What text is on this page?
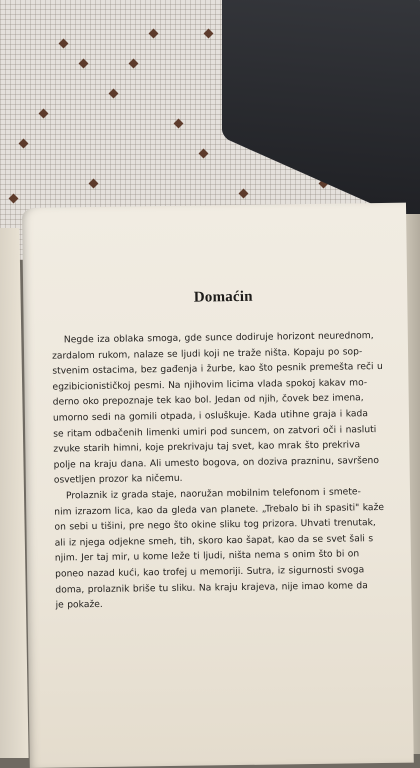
Domaćin

Negde iza oblaka smoga, gde sunce dodiruje horizont neurednom,
zardalom rukom, nalaze se ljudi koji ne traže ništa. Kopaju po sop-
stvenim ostacima, bez gađenja i žurbe, kao što pesnik premešta reči u
egzibicionističkoj pesmi. Na njihovim licima vlada spokoj kakav mo-
derno oko prepoznaje tek kao bol. Jedan od njih, čovek bez imena,
umorno sedi na gomili otpada, i osluškuje. Kada utihne graja i kada
se ritam odbačenih limenki umiri pod suncem, on zatvori oči i nasluti
zvuke starih himni, koje prekrivaju taj svet, kao mrak što prekriva
polje na kraju dana. Ali umesto bogova, on doziva prazninu, savršeno
osvetljen prozor ka ničemu.

Prolaznik iz grada staje, naoružan mobilnim telefonom i smete-
nim izrazom lica, kao da gleda van planete. „Trebalo bi ih spasiti" kaže
on sebi u tišini, pre nego što okine sliku tog prizora. Uhvati trenutak,
ali iz njega odjekne smeh, tih, skoro kao šapat, kao da se svet šali s
njim. Jer taj mir, u kome leže ti ljudi, ništa nema s onim što bi on
poneo nazad kući, kao trofej u memoriji. Sutra, iz sigurnosti svoga
doma, prolaznik briše tu sliku. Na kraju krajeva, nije imao kome da
je pokaže.
